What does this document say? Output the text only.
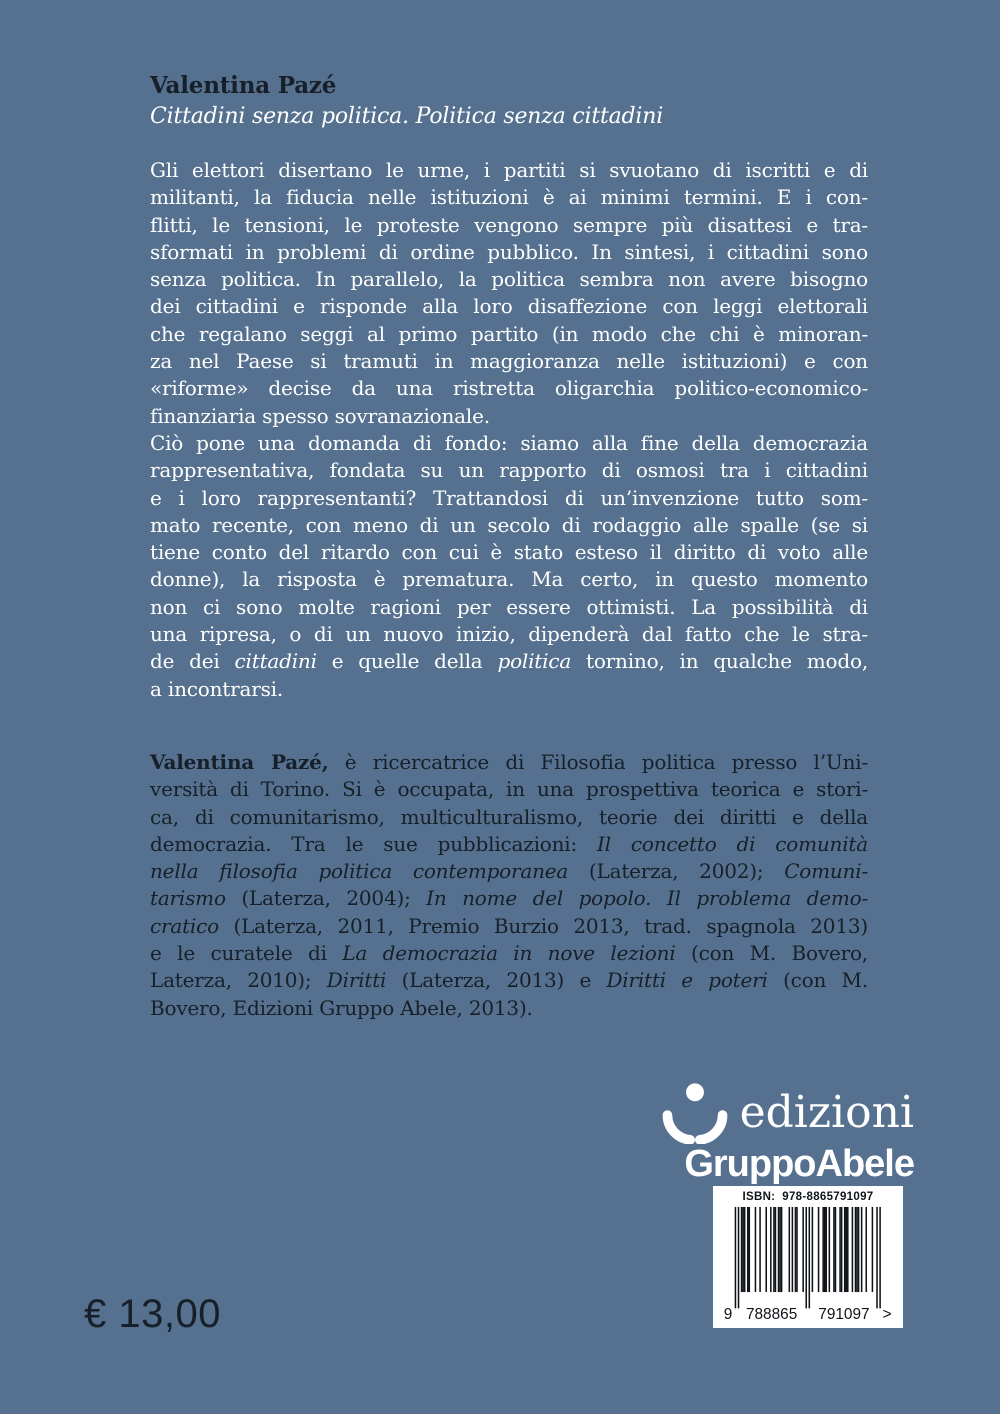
Valentina Pazé
Cittadini senza politica. Politica senza cittadini
Gli elettori disertano le urne, i partiti si svuotano di iscritti e di
militanti, la fiducia nelle istituzioni è ai minimi termini. E i con-
flitti, le tensioni, le proteste vengono sempre più disattesi e tra-
sformati in problemi di ordine pubblico. In sintesi, i cittadini sono
senza politica. In parallelo, la politica sembra non avere bisogno
dei cittadini e risponde alla loro disaffezione con leggi elettorali
che regalano seggi al primo partito (in modo che chi è minoran-
za nel Paese si tramuti in maggioranza nelle istituzioni) e con
«riforme» decise da una ristretta oligarchia politico-economico-
finanziaria spesso sovranazionale.
Ciò pone una domanda di fondo: siamo alla fine della democrazia
rappresentativa, fondata su un rapporto di osmosi tra i cittadini
e i loro rappresentanti? Trattandosi di un’invenzione tutto som-
mato recente, con meno di un secolo di rodaggio alle spalle (se si
tiene conto del ritardo con cui è stato esteso il diritto di voto alle
donne), la risposta è prematura. Ma certo, in questo momento
non ci sono molte ragioni per essere ottimisti. La possibilità di
una ripresa, o di un nuovo inizio, dipenderà dal fatto che le stra-
de dei cittadini e quelle della politica tornino, in qualche modo,
a incontrarsi.
Valentina Pazé, è ricercatrice di Filosofia politica presso l’Uni-
versità di Torino. Si è occupata, in una prospettiva teorica e stori-
ca, di comunitarismo, multiculturalismo, teorie dei diritti e della
democrazia. Tra le sue pubblicazioni: Il concetto di comunità
nella filosofia politica contemporanea (Laterza, 2002); Comuni-
tarismo (Laterza, 2004); In nome del popolo. Il problema demo-
cratico (Laterza, 2011, Premio Burzio 2013, trad. spagnola 2013)
e le curatele di La democrazia in nove lezioni (con M. Bovero,
Laterza, 2010); Diritti (Laterza, 2013) e Diritti e poteri (con M.
Bovero, Edizioni Gruppo Abele, 2013).
edizioni
GruppoAbele
ISBN:  978-8865791097
9 788865 791097 >
€ 13,00
